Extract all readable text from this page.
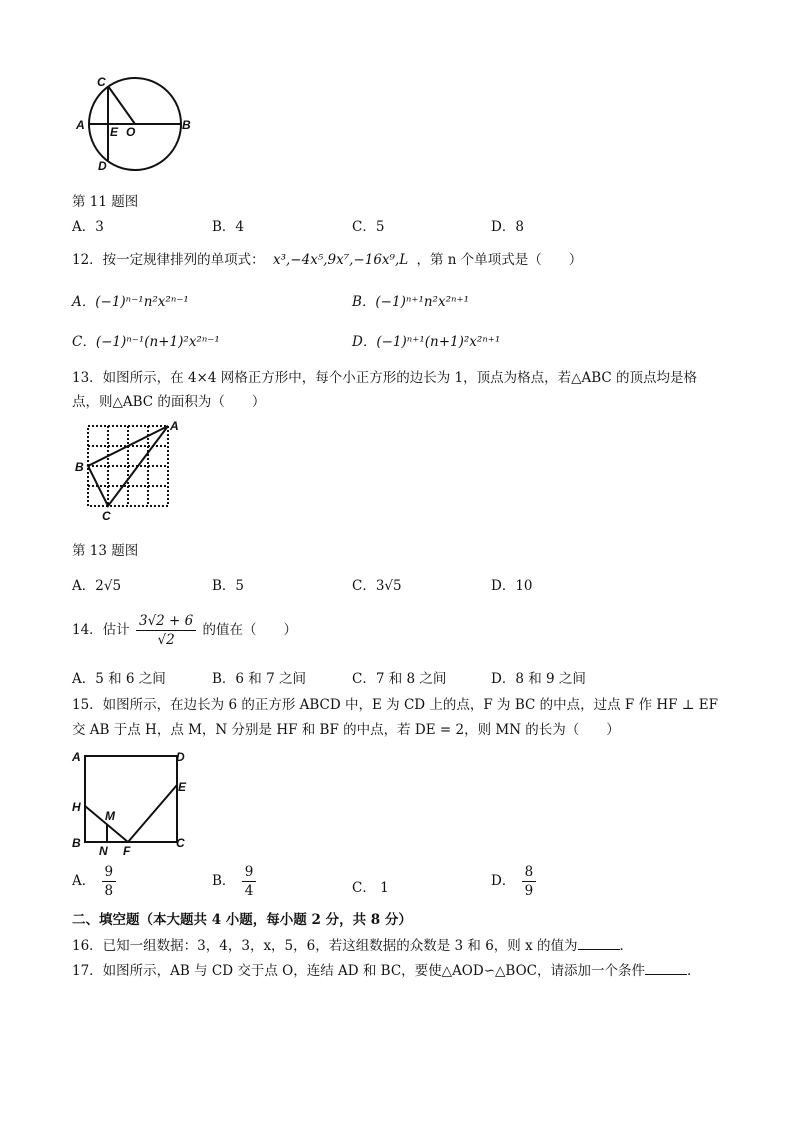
C
A E O	B
D
第 11 题图
A．3	B．4	C．5	D．8
12．按一定规律排列的单项式： x³,−4x⁵,9x⁷,−16x⁹,L ，第 n 个单项式是（　　）
A．(−1)ⁿ⁻¹n²x²ⁿ⁻¹	B．(−1)ⁿ⁺¹n²x²ⁿ⁺¹
C．(−1)ⁿ⁻¹(n+1)²x²ⁿ⁻¹	D．(−1)ⁿ⁺¹(n+1)²x²ⁿ⁺¹
13．如图所示，在 4×4 网格正方形中，每个小正方形的边长为 1，顶点为格点，若△ABC 的顶点均是格
点，则△ABC 的面积为（　　）
A
B
C
第 13 题图
A．2√5	B．5	C．3√5	D．10
14．估计 $\frac{3√2 + 6}{√2}$ 的值在（　　）
A．5 和 6 之间	B．6 和 7 之间	C．7 和 8 之间	D．8 和 9 之间
15．如图所示，在边长为 6 的正方形 ABCD 中，E 为 CD 上的点，F 为 BC 的中点，过点 F 作 HF ⊥ EF
交 AB 于点 H，点 M，N 分别是 HF 和 BF 的中点，若 DE = 2，则 MN 的长为（　　）
A	D
E
H
M
B
N F
C
A． $\frac{9}{8}$	B． $\frac{9}{4}$	C． 1	D． $\frac{8}{9}$
二、填空题（本大题共 4 小题，每小题 2 分，共 8 分）
16．已知一组数据：3，4，3，x，5，6，若这组数据的众数是 3 和 6，则 x 的值为	．
17．如图所示，AB 与 CD 交于点 O，连结 AD 和 BC，要使△AOD∽△BOC，请添加一个条件	．
